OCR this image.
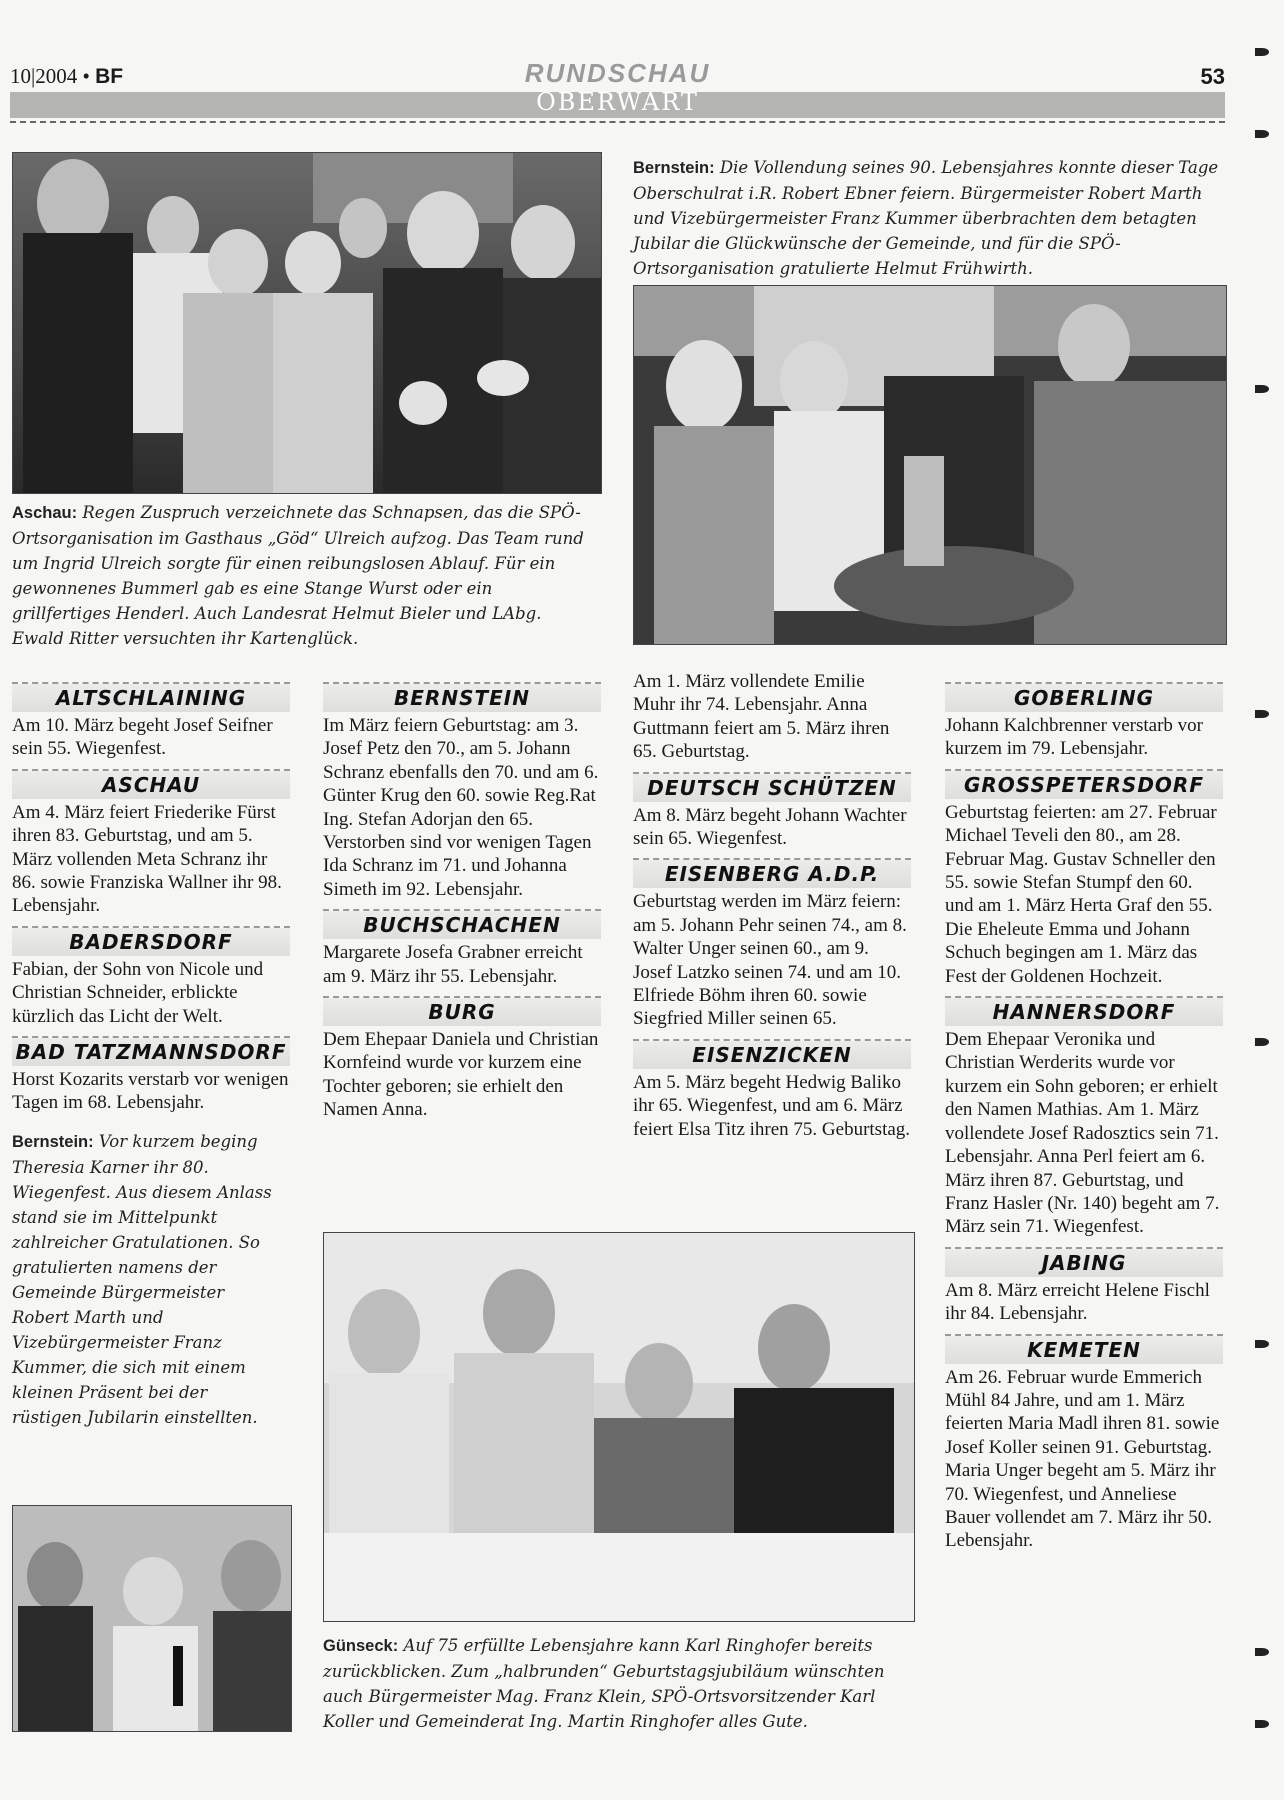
10|2004 • BF	RUNDSCHAU	53
OBERWART
Aschau: Regen Zuspruch verzeichnete das Schnapsen, das die SPÖ-Ortsorganisation im Gasthaus „Göd“ Ulreich aufzog. Das Team rund um Ingrid Ulreich sorgte für einen reibungslosen Ablauf. Für ein gewonnenes Bummerl gab es eine Stange Wurst oder ein grillfertiges Henderl. Auch Landesrat Helmut Bieler und LAbg. Ewald Ritter versuchten ihr Kartenglück.
Bernstein: Die Vollendung seines 90. Lebensjahres konnte dieser Tage Oberschulrat i.R. Robert Ebner feiern. Bürgermeister Robert Marth und Vizebürgermeister Franz Kummer überbrachten dem betagten Jubilar die Glückwünsche der Gemeinde, und für die SPÖ-Ortsorganisation gratulierte Helmut Frühwirth.
ALTSCHLAINING
Am 10. März begeht Josef Seifner sein 55. Wiegenfest.
ASCHAU
Am 4. März feiert Friederike Fürst ihren 83. Geburtstag, und am 5. März vollenden Meta Schranz ihr 86. sowie Franziska Wallner ihr 98. Lebensjahr.
BADERSDORF
Fabian, der Sohn von Nicole und Christian Schneider, erblickte kürzlich das Licht der Welt.
BAD TATZMANNSDORF
Horst Kozarits verstarb vor wenigen Tagen im 68. Lebensjahr.
Bernstein: Vor kurzem beging Theresia Karner ihr 80. Wiegenfest. Aus diesem Anlass stand sie im Mittelpunkt zahlreicher Gratulationen. So gratulierten namens der Gemeinde Bürgermeister Robert Marth und Vizebürgermeister Franz Kummer, die sich mit einem kleinen Präsent bei der rüstigen Jubilarin einstellten.
BERNSTEIN
Im März feiern Geburtstag: am 3. Josef Petz den 70., am 5. Johann Schranz ebenfalls den 70. und am 6. Günter Krug den 60. sowie Reg.Rat Ing. Stefan Adorjan den 65. Verstorben sind vor wenigen Tagen Ida Schranz im 71. und Johanna Simeth im 92. Lebensjahr.
BUCHSCHACHEN
Margarete Josefa Grabner erreicht am 9. März ihr 55. Lebensjahr.
BURG
Dem Ehepaar Daniela und Christian Kornfeind wurde vor kurzem eine Tochter geboren; sie erhielt den Namen Anna.
Am 1. März vollendete Emilie Muhr ihr 74. Lebensjahr. Anna Guttmann feiert am 5. März ihren 65. Geburtstag.
DEUTSCH SCHÜTZEN
Am 8. März begeht Johann Wachter sein 65. Wiegenfest.
EISENBERG A.D.P.
Geburtstag werden im März feiern: am 5. Johann Pehr seinen 74., am 8. Walter Unger seinen 60., am 9. Josef Latzko seinen 74. und am 10. Elfriede Böhm ihren 60. sowie Siegfried Miller seinen 65.
EISENZICKEN
Am 5. März begeht Hedwig Baliko ihr 65. Wiegenfest, und am 6. März feiert Elsa Titz ihren 75. Geburtstag.
GOBERLING
Johann Kalchbrenner verstarb vor kurzem im 79. Lebensjahr.
GROSSPETERSDORF
Geburtstag feierten: am 27. Februar Michael Teveli den 80., am 28. Februar Mag. Gustav Schneller den 55. sowie Stefan Stumpf den 60. und am 1. März Herta Graf den 55. Die Eheleute Emma und Johann Schuch begingen am 1. März das Fest der Goldenen Hochzeit.
HANNERSDORF
Dem Ehepaar Veronika und Christian Werderits wurde vor kurzem ein Sohn geboren; er erhielt den Namen Mathias. Am 1. März vollendete Josef Radosztics sein 71. Lebensjahr. Anna Perl feiert am 6. März ihren 87. Geburtstag, und Franz Hasler (Nr. 140) begeht am 7. März sein 71. Wiegenfest.
JABING
Am 8. März erreicht Helene Fischl ihr 84. Lebensjahr.
KEMETEN
Am 26. Februar wurde Emmerich Mühl 84 Jahre, und am 1. März feierten Maria Madl ihren 81. sowie Josef Koller seinen 91. Geburtstag. Maria Unger begeht am 5. März ihr 70. Wiegenfest, und Anneliese Bauer vollendet am 7. März ihr 50. Lebensjahr.
Günseck: Auf 75 erfüllte Lebensjahre kann Karl Ringhofer bereits zurückblicken. Zum „halbrunden“ Geburtstagsjubiläum wünschten auch Bürgermeister Mag. Franz Klein, SPÖ-Ortsvorsitzender Karl Koller und Gemeinderat Ing. Martin Ringhofer alles Gute.
